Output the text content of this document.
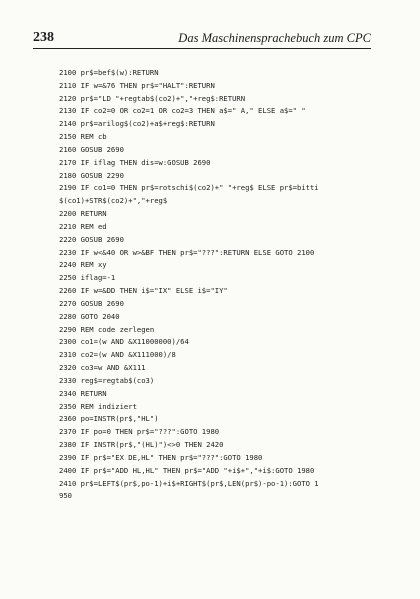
238	Das Maschinensprachebuch zum CPC
2100 pr$=bef$(w):RETURN
2110 IF w=&76 THEN pr$="HALT":RETURN
2120 pr$="LD "+regtab$(co2)+","+reg$:RETURN
2130 IF co2=0 OR co2=1 OR co2=3 THEN a$=" A," ELSE a$=" "
2140 pr$=arilog$(co2)+a$+reg$:RETURN
2150 REM cb
2160 GOSUB 2690
2170 IF iflag THEN dis=w:GOSUB 2690
2180 GOSUB 2290
2190 IF co1=0 THEN pr$=rotschi$(co2)+" "+reg$ ELSE pr$=bitti
$(co1)+STR$(co2)+","+reg$
2200 RETURN
2210 REM ed
2220 GOSUB 2690
2230 IF w<&40 OR w>&BF THEN pr$="???":RETURN ELSE GOTO 2100
2240 REM xy
2250 iflag=-1
2260 IF w=&DD THEN i$="IX" ELSE i$="IY"
2270 GOSUB 2690
2280 GOTO 2040
2290 REM code zerlegen
2300 co1=(w AND &X11000000)/64
2310 co2=(w AND &X111000)/8
2320 co3=w AND &X111
2330 reg$=regtab$(co3)
2340 RETURN
2350 REM indiziert
2360 po=INSTR(pr$,"HL")
2370 IF po=0 THEN pr$="???":GOTO 1980
2380 IF INSTR(pr$,"(HL)")<>0 THEN 2420
2390 IF pr$="EX DE,HL" THEN pr$="???":GOTO 1980
2400 IF pr$="ADD HL,HL" THEN pr$="ADD "+i$+","+i$:GOTO 1980
2410 pr$=LEFT$(pr$,po-1)+i$+RIGHT$(pr$,LEN(pr$)-po-1):GOTO 1
950
